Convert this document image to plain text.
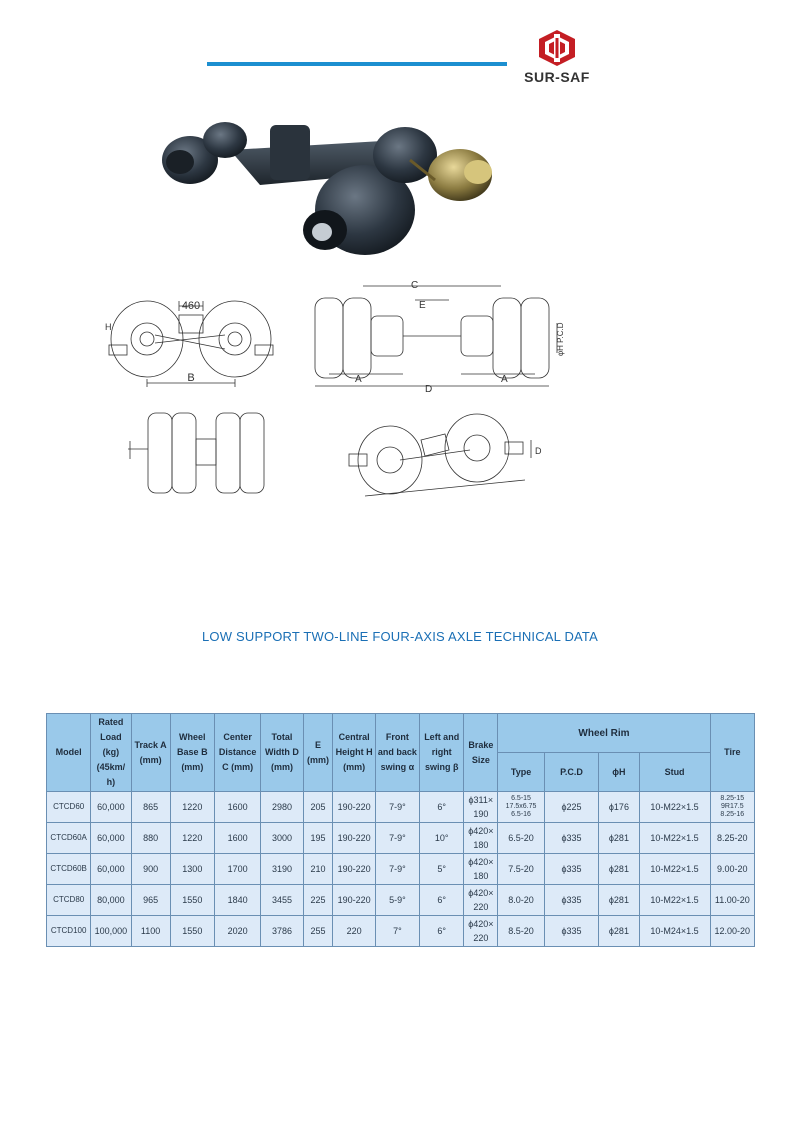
SUR-SAF
460
H
B
C
E
A	A
D
φH P.C.D
D
LOW SUPPORT TWO-LINE FOUR-AXIS AXLE TECHNICAL DATA
Model	Rated Load (kg) (45km/ h)	Track A (mm)	Wheel Base B (mm)	Center Distance C (mm)	Total Width D (mm)	E (mm)	Central Height H (mm)	Front and back swing α	Left and right swing β	Brake Size	Wheel Rim				Tire
											Type	P.C.D	ϕH	Stud	
CTCD60	60,000	865	1220	1600	2980	205	190-220	7-9°	6°	ϕ311× 190	6.5-15 17.5x6.75 6.5-16	ϕ225	ϕ176	10-M22×1.5	8.25-15 9R17.5 8.25-16
CTCD60A	60,000	880	1220	1600	3000	195	190-220	7-9°	10°	ϕ420× 180	6.5-20	ϕ335	ϕ281	10-M22×1.5	8.25-20
CTCD60B	60,000	900	1300	1700	3190	210	190-220	7-9°	5°	ϕ420× 180	7.5-20	ϕ335	ϕ281	10-M22×1.5	9.00-20
CTCD80	80,000	965	1550	1840	3455	225	190-220	5-9°	6°	ϕ420× 220	8.0-20	ϕ335	ϕ281	10-M22×1.5	11.00-20
CTCD100	100,000	1100	1550	2020	3786	255	220	7°	6°	ϕ420× 220	8.5-20	ϕ335	ϕ281	10-M24×1.5	12.00-20
